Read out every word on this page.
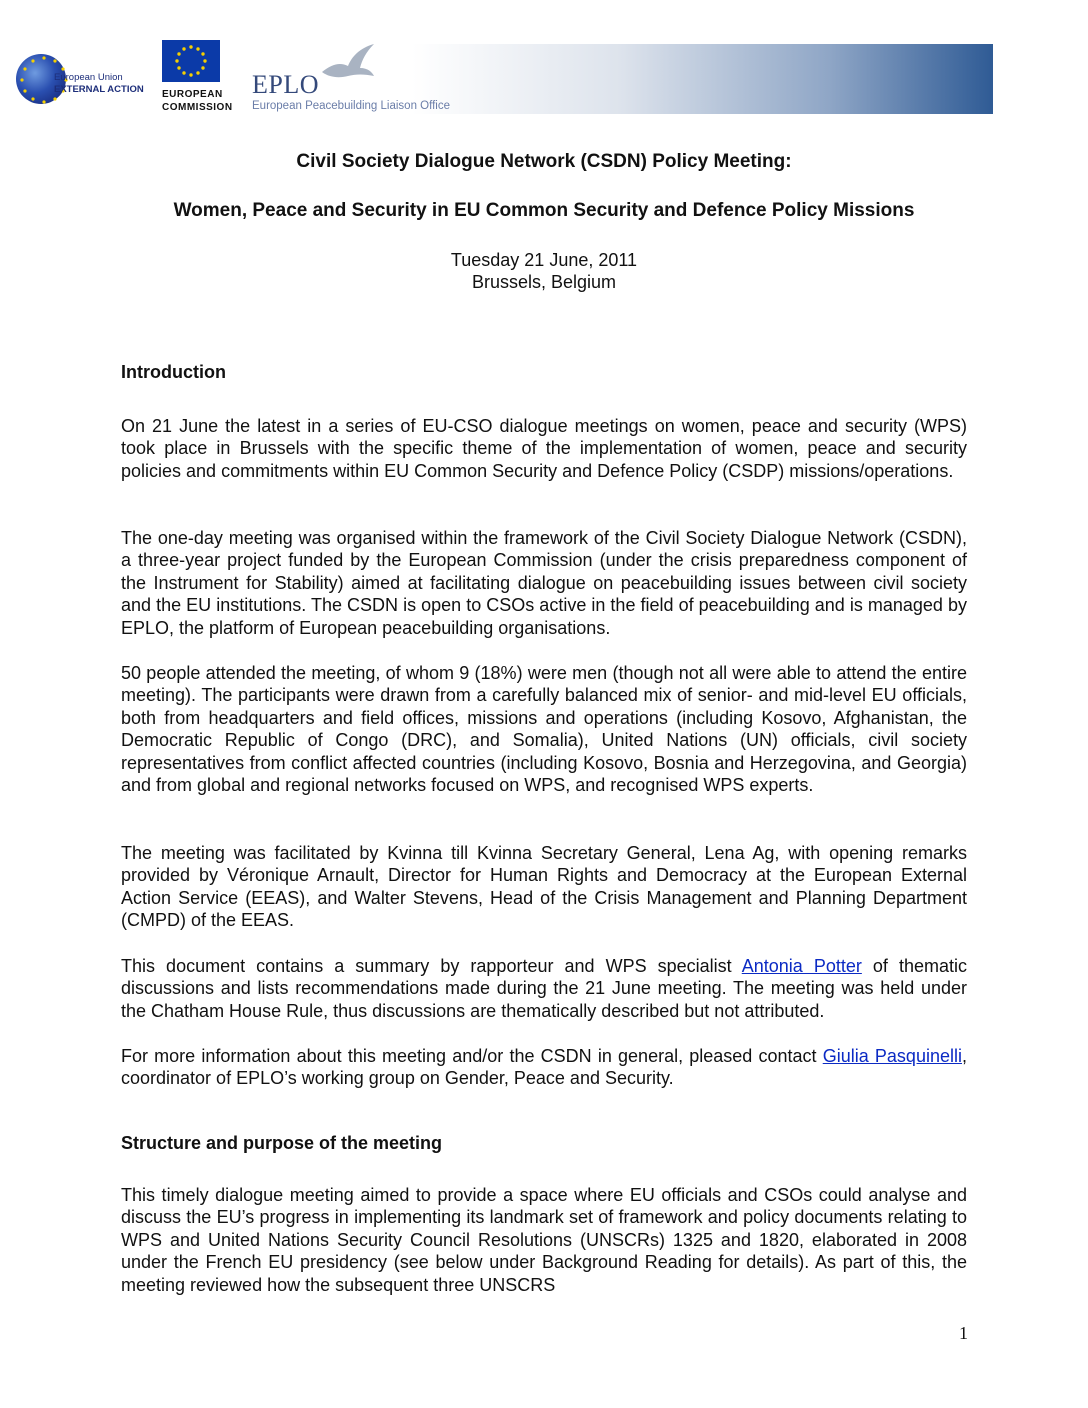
European Union
EXTERNAL ACTION EUROPEAN
COMMISSION
EPLO
European Peacebuilding Liaison Office
Civil Society Dialogue Network (CSDN) Policy Meeting:
Women, Peace and Security in EU Common Security and Defence Policy Missions
Tuesday 21 June, 2011
Brussels, Belgium
Introduction
On 21 June the latest in a series of EU-CSO dialogue meetings on women, peace and security (WPS) took place in Brussels with the specific theme of the implementation of women, peace and security policies and commitments within EU Common Security and Defence Policy (CSDP) missions/operations.
The one-day meeting was organised within the framework of the Civil Society Dialogue Network (CSDN), a three-year project funded by the European Commission (under the crisis preparedness component of the Instrument for Stability) aimed at facilitating dialogue on peacebuilding issues between civil society and the EU institutions. The CSDN is open to CSOs active in the field of peacebuilding and is managed by EPLO, the platform of European peacebuilding organisations.
50 people attended the meeting, of whom 9 (18%) were men (though not all were able to attend the entire meeting). The participants were drawn from a carefully balanced mix of senior- and mid-level EU officials, both from headquarters and field offices, missions and operations (including Kosovo, Afghanistan, the Democratic Republic of Congo (DRC), and Somalia), United Nations (UN) officials, civil society representatives from conflict affected countries (including Kosovo, Bosnia and Herzegovina, and Georgia) and from global and regional networks focused on WPS, and recognised WPS experts.
The meeting was facilitated by Kvinna till Kvinna Secretary General, Lena Ag, with opening remarks provided by Véronique Arnault, Director for Human Rights and Democracy at the European External Action Service (EEAS), and Walter Stevens, Head of the Crisis Management and Planning Department (CMPD) of the EEAS.
This document contains a summary by rapporteur and WPS specialist Antonia Potter of thematic discussions and lists recommendations made during the 21 June meeting. The meeting was held under the Chatham House Rule, thus discussions are thematically described but not attributed.
For more information about this meeting and/or the CSDN in general, pleased contact Giulia Pasquinelli, coordinator of EPLO’s working group on Gender, Peace and Security.
Structure and purpose of the meeting
This timely dialogue meeting aimed to provide a space where EU officials and CSOs could analyse and discuss the EU’s progress in implementing its landmark set of framework and policy documents relating to WPS and United Nations Security Council Resolutions (UNSCRs) 1325 and 1820, elaborated in 2008 under the French EU presidency (see below under Background Reading for details). As part of this, the meeting reviewed how the subsequent three UNSCRS
1
